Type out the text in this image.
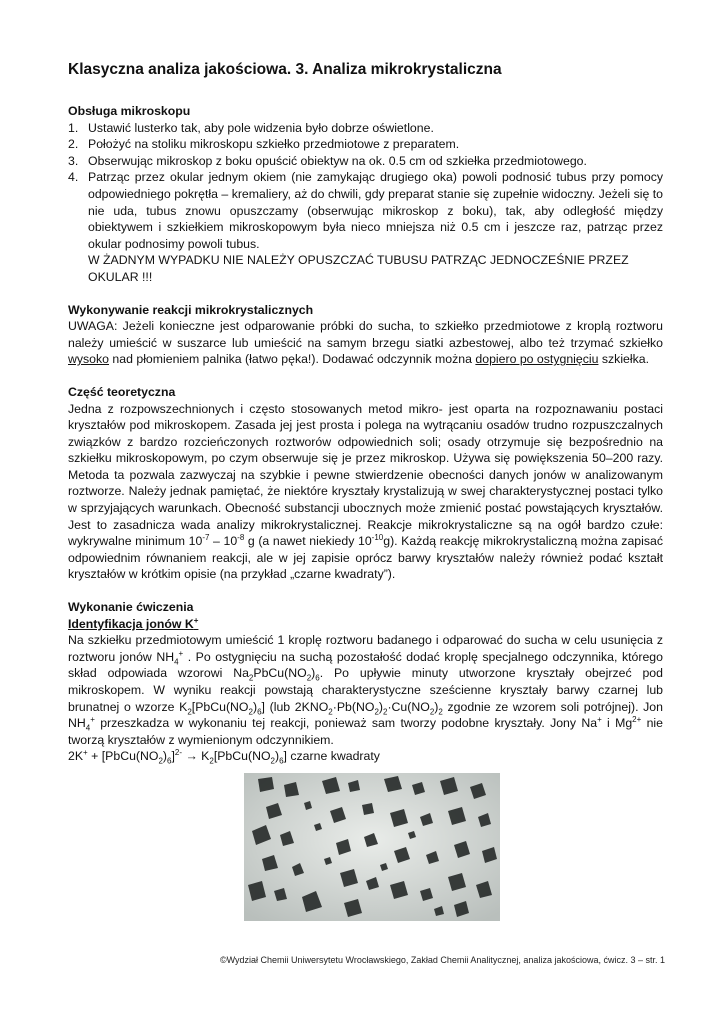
Klasyczna analiza jakościowa. 3. Analiza mikrokrystaliczna
Obsługa mikroskopu
1. Ustawić lusterko tak, aby pole widzenia było dobrze oświetlone.
2. Położyć na stoliku mikroskopu szkiełko przedmiotowe z preparatem.
3. Obserwując mikroskop z boku opuścić obiektyw na ok. 0.5 cm od szkiełka przedmiotowego.
4. Patrząc przez okular jednym okiem (nie zamykając drugiego oka) powoli podnosić tubus przy pomocy odpowiedniego pokrętła – kremaliery, aż do chwili, gdy preparat stanie się zupełnie widoczny. Jeżeli się to nie uda, tubus znowu opuszczamy (obserwując mikroskop z boku), tak, aby odległość między obiektywem i szkiełkiem mikroskopowym była nieco mniejsza niż 0.5 cm i jeszcze raz, patrząc przez okular podnosimy powoli tubus.
W ŻADNYM WYPADKU NIE NALEŻY OPUSZCZAĆ TUBUSU PATRZĄC JEDNOCZEŚNIE PRZEZ OKULAR !!!
Wykonywanie reakcji mikrokrystalicznych

UWAGA: Jeżeli konieczne jest odparowanie próbki do sucha, to szkiełko przedmiotowe z kroplą roztworu należy umieścić w suszarce lub umieścić na samym brzegu siatki azbestowej, albo też trzymać szkiełko wysoko nad płomieniem palnika (łatwo pęka!). Dodawać odczynnik można dopiero po ostygnięciu szkiełka.

Część teoretyczna

Jedna z rozpowszechnionych i często stosowanych metod mikro- jest oparta na rozpoznawaniu postaci kryształów pod mikroskopem. Zasada jej jest prosta i polega na wytrącaniu osadów trudno rozpuszczalnych związków z bardzo rozcieńczonych roztworów odpowiednich soli; osady otrzymuje się bezpośrednio na szkiełku mikroskopowym, po czym obserwuje się je przez mikroskop. Używa się powiększenia 50–200 razy. Metoda ta pozwala zazwyczaj na szybkie i pewne stwierdzenie obecności danych jonów w analizowanym roztworze. Należy jednak pamiętać, że niektóre kryształy krystalizują w swej charakterystycznej postaci tylko w sprzyjających warunkach. Obecność substancji ubocznych może zmienić postać powstających kryształów. Jest to zasadnicza wada analizy mikrokrystalicznej. Reakcje mikrokrystaliczne są na ogół bardzo czułe: wykrywalne minimum $10^{-7} - 10^{-8}$ g (a nawet niekiedy $10^{-10}g$). Każdą reakcję mikrokrystaliczną można zapisać odpowiednim równaniem reakcji, ale w jej zapisie oprócz barwy kryształów należy również podać kształt kryształów w krótkim opisie (na przykład „czarne kwadraty”).

Wykonanie ćwiczenia
Identyfikacja jonów K+

Na szkiełku przedmiotowym umieścić 1 kroplę roztworu badanego i odparować do sucha w celu usunięcia z roztworu jonów $NH_4^+$ . Po ostygnięciu na suchą pozostałość dodać kroplę specjalnego odczynnika, którego skład odpowiada wzorowi $Na_2PbCu(NO_2)_6$. Po upływie minuty utworzone kryształy obejrzeć pod mikroskopem. W wyniku reakcji powstają charakterystyczne sześcienne kryształy barwy czarnej lub brunatnej o wzorze $K_2[PbCu(NO_2)_6]$ (lub $2KNO_2\cdot Pb(NO_2)_2\cdot Cu(NO_2)_2$ zgodnie ze wzorem soli potrójnej). Jon $NH_4^+$ przeszkadza w wykonaniu tej reakcji, ponieważ sam tworzy podobne kryształy. Jony Na+ i $Mg^{2+}$ nie tworzą kryształów z wymienionym odczynnikiem.

$2K^+ + [PbCu(NO_2)_6]^{2-}$ → $K_2[PbCu(NO_2)_6]$ czarne kwadraty

©Wydział Chemii Uniwersytetu Wrocławskiego, Zakład Chemii Analitycznej, analiza jakościowa, ćwicz. 3 – str. 1
